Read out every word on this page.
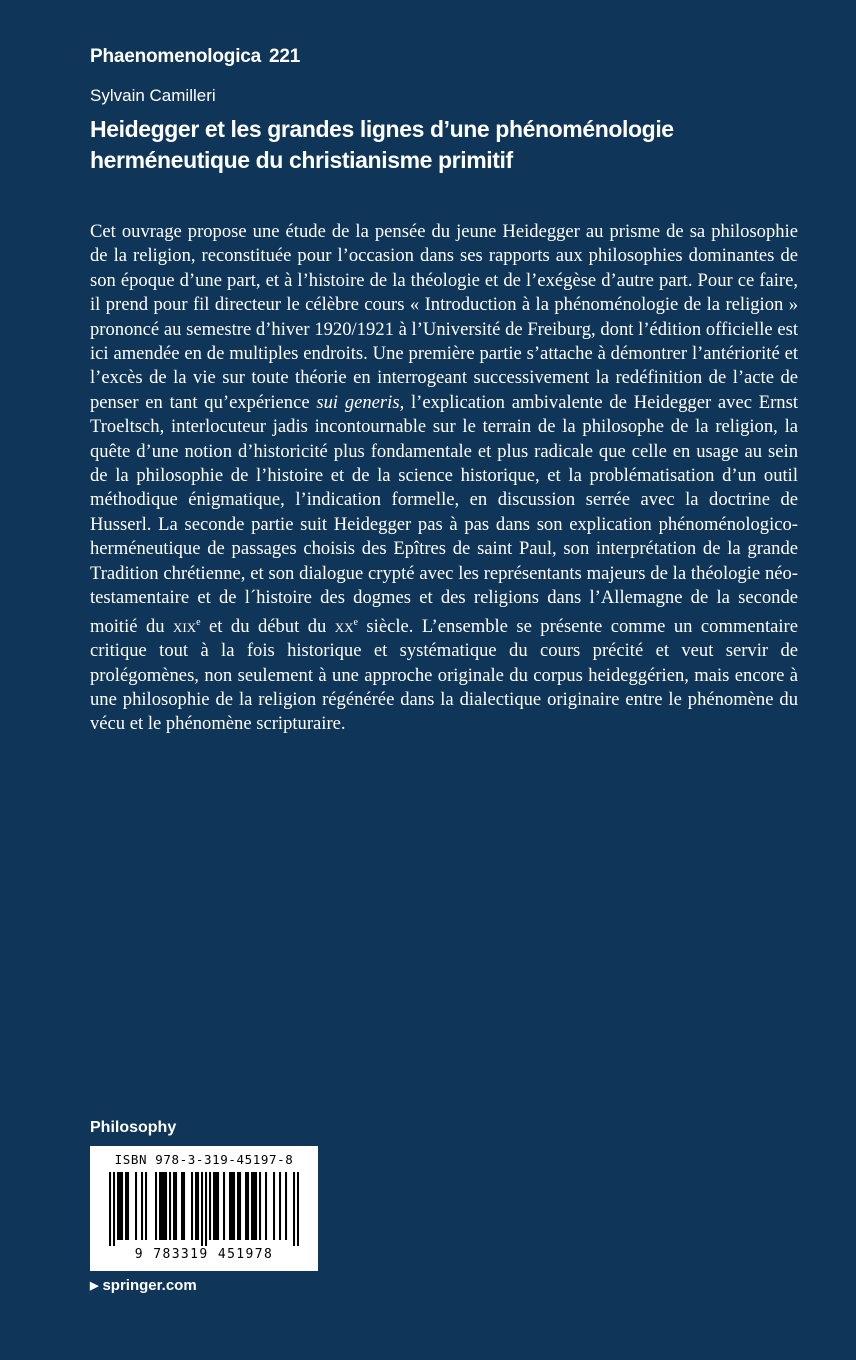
Phaenomenologica 221
Sylvain Camilleri
Heidegger et les grandes lignes d’une phénoménologie herméneutique du christianisme primitif

Cet ouvrage propose une étude de la pensée du jeune Heidegger au prisme de sa philosophie de la religion, reconstituée pour l’occasion dans ses rapports aux philosophies dominantes de son époque d’une part, et à l’histoire de la théologie et de l’exégèse d’autre part. Pour ce faire, il prend pour fil directeur le célèbre cours « Introduction à la phénoménologie de la religion » prononcé au semestre d’hiver 1920/1921 à l’Université de Freiburg, dont l’édition officielle est ici amendée en de multiples endroits. Une première partie s’attache à démontrer l’antériorité et l’excès de la vie sur toute théorie en interrogeant successivement la redéfinition de l’acte de penser en tant qu’expérience sui generis, l’explication ambivalente de Heidegger avec Ernst Troeltsch, interlocuteur jadis incontournable sur le terrain de la philosophe de la religion, la quête d’une notion d’historicité plus fondamentale et plus radicale que celle en usage au sein de la philosophie de l’histoire et de la science historique, et la problématisation d’un outil méthodique énigmatique, l’indication formelle, en discussion serrée avec la doctrine de Husserl. La seconde partie suit Heidegger pas à pas dans son explication phénoménologico-herméneutique de passages choisis des Epîtres de saint Paul, son interprétation de la grande Tradition chrétienne, et son dialogue crypté avec les représentants majeurs de la théologie néo-testamentaire et de l´histoire des dogmes et des religions dans l’Allemagne de la seconde moitié du xix$^e$ et du début du $xx^e$ siècle. L’ensemble se présente comme un commentaire critique tout à la fois historique et systématique du cours précité et veut servir de prolégomènes, non seulement à une approche originale du corpus heideggérien, mais encore à une philosophie de la religion régénérée dans la dialectique originaire entre le phénomène du vécu et le phénomène scripturaire.

Philosophy
ISBN 978-3-319-45197-8
9 783319 451978
▶ springer.com
